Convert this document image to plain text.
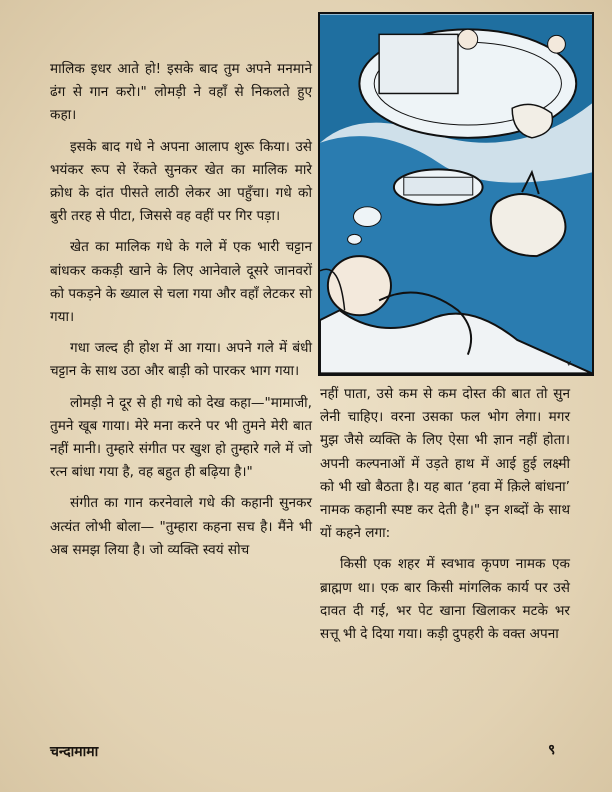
मालिक इधर आते हो! इसके बाद तुम अपने मनमाने ढंग से गान करो।" लोमड़ी ने वहाँ से निकलते हुए कहा।

इसके बाद गधे ने अपना आलाप शुरू किया। उसे भयंकर रूप से रेंकते सुनकर खेत का मालिक मारे क्रोध के दांत पीसते लाठी लेकर आ पहुँचा। गधे को बुरी तरह से पीटा, जिससे वह वहीं पर गिर पड़ा।

खेत का मालिक गधे के गले में एक भारी चट्टान बांधकर ककड़ी खाने के लिए आनेवाले दूसरे जानवरों को पकड़ने के ख्याल से चला गया और वहाँ लेटकर सो गया।

गधा जल्द ही होश में आ गया। अपने गले में बंधी चट्टान के साथ उठा और बाड़ी को पारकर भाग गया।

लोमड़ी ने दूर से ही गधे को देख कहा—"मामाजी, तुमने खूब गाया। मेरे मना करने पर भी तुमने मेरी बात नहीं मानी। तुम्हारे संगीत पर खुश हो तुम्हारे गले में जो रत्न बांधा गया है, वह बहुत ही बढ़िया है।"

संगीत का गान करनेवाले गधे की कहानी सुनकर अत्यंत लोभी बोला— "तुम्हारा कहना सच है। मैंने भी अब समझ लिया है। जो व्यक्ति स्वयं सोच

v

नहीं पाता, उसे कम से कम दोस्त की बात तो सुन लेनी चाहिए। वरना उसका फल भोग लेगा। मगर मुझ जैसे व्यक्ति के लिए ऐसा भी ज्ञान नहीं होता। अपनी कल्पनाओं में उड़ते हाथ में आई हुई लक्ष्मी को भी खो बैठता है। यह बात ‘हवा में क़िले बांधना’ नामक कहानी स्पष्ट कर देती है।" इन शब्दों के साथ यों कहने लगा:

किसी एक शहर में स्वभाव कृपण नामक एक ब्राह्मण था। एक बार किसी मांगलिक कार्य पर उसे दावत दी गई, भर पेट खाना खिलाकर मटके भर सत्तू भी दे दिया गया। कड़ी दुपहरी के वक्त अपना

चन्दामामा	९
